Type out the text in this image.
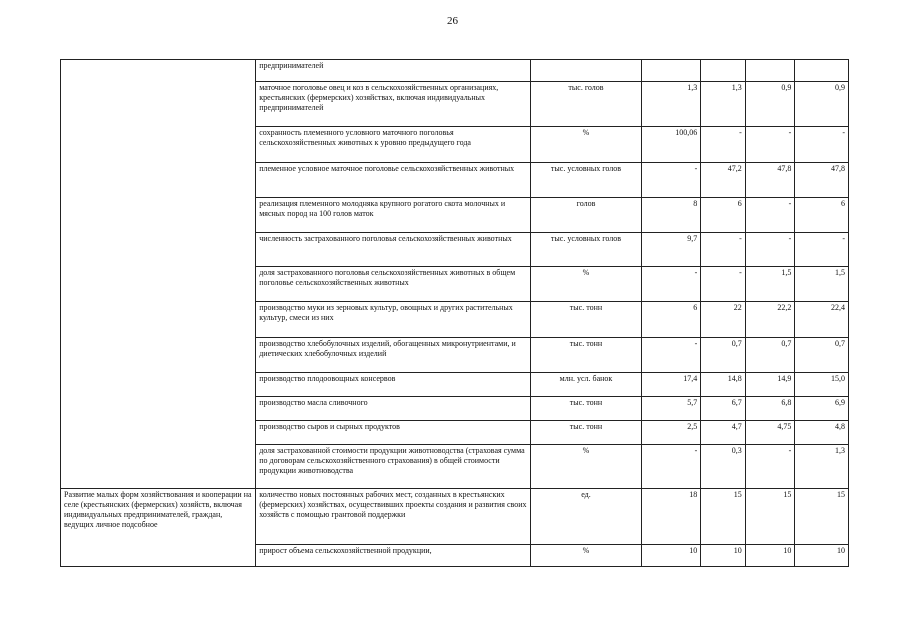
26
	предпринимателей					
	маточное поголовье овец и коз в сельскохозяйственных организациях, крестьянских (фермерских) хозяйствах, включая индивидуальных предпринимателей	тыс. голов	1,3	1,3	0,9	0,9
	сохранность племенного условного маточного поголовья сельскохозяйственных животных к уровню предыдущего года	%	100,06	-	-	-
	племенное условное маточное поголовье сельскохозяйственных животных	тыс. условных голов	-	47,2	47,8	47,8
	реализация племенного молодняка крупного рогатого скота молочных и мясных пород на 100 голов маток	голов	8	6	-	6
	численность застрахованного поголовья сельскохозяйственных животных	тыс. условных голов	9,7	-	-	-
	доля застрахованного поголовья сельскохозяйственных животных в общем поголовье сельскохозяйственных животных	%	-	-	1,5	1,5
	производство муки из зерновых культур, овощных и других растительных культур, смеси из них	тыс. тонн	6	22	22,2	22,4
	производство хлебобулочных изделий, обогащенных микронутриентами, и диетических хлебобулочных изделий	тыс. тонн	-	0,7	0,7	0,7
	производство плодоовощных консервов	млн. усл. банок	17,4	14,8	14,9	15,0
	производство масла сливочного	тыс. тонн	5,7	6,7	6,8	6,9
	производство сыров и сырных продуктов	тыс. тонн	2,5	4,7	4,75	4,8
	доля застрахованной стоимости продукции животноводства (страховая сумма по договорам сельскохозяйственного страхования) в общей стоимости продукции животноводства	%	-	0,3	-	1,3
Развитие малых форм хозяйствования и кооперации на селе (крестьянских (фермерских) хозяйств, включая индивидуальных предпринимателей, граждан, ведущих личное подсобное	количество новых постоянных рабочих мест, созданных в крестьянских (фермерских) хозяйствах, осуществивших проекты создания и развития своих хозяйств с помощью грантовой поддержки	ед.	18	15	15	15
	прирост объема сельскохозяйственной продукции,	%	10	10	10	10
